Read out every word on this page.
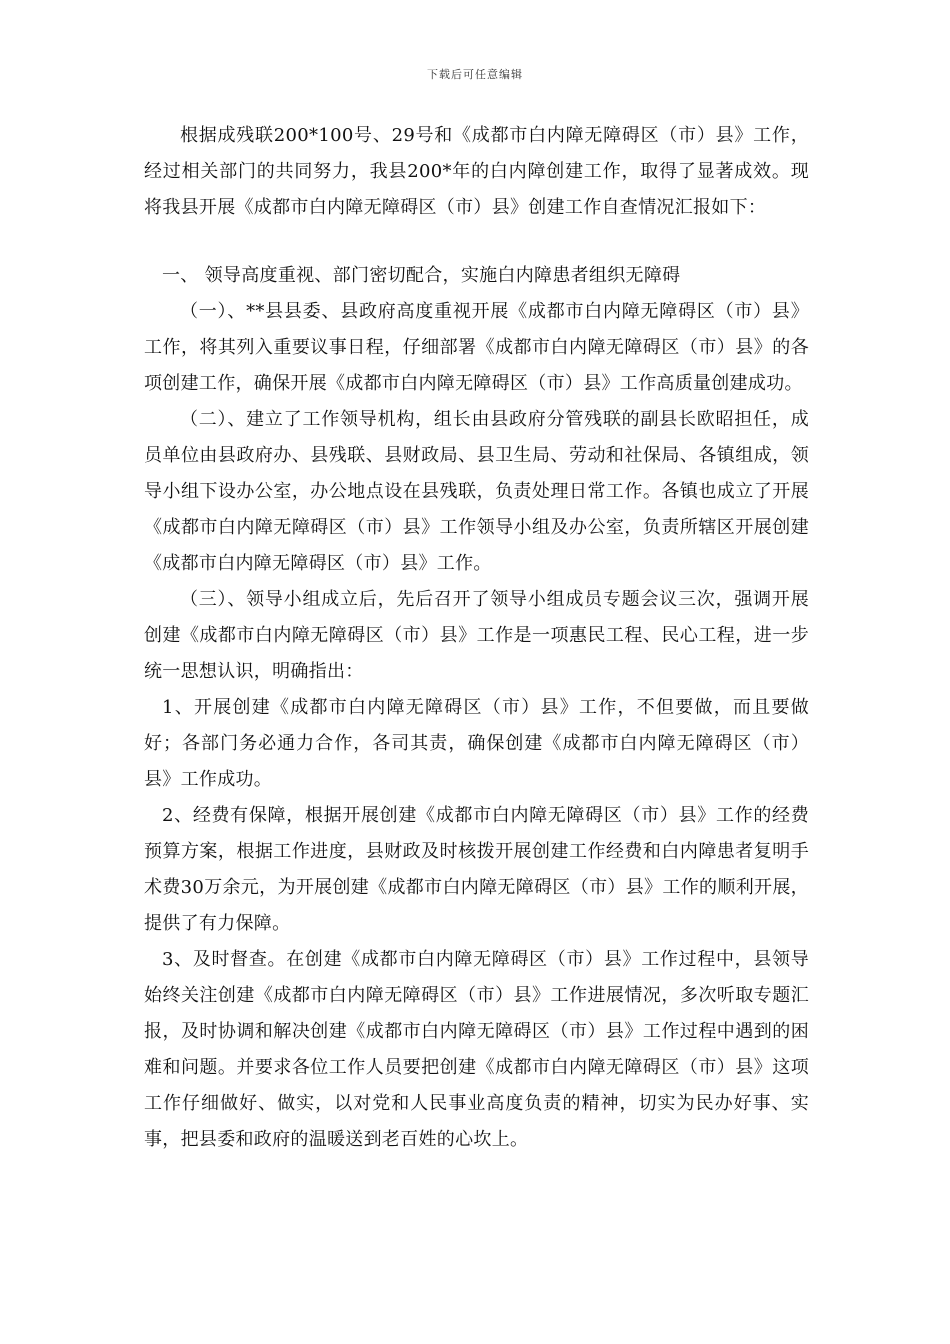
下载后可任意编辑

根据成残联200*100号、29号和《成都市白内障无障碍区（市）县》工作，经过相关部门的共同努力，我县200*年的白内障创建工作，取得了显著成效。现将我县开展《成都市白内障无障碍区（市）县》创建工作自查情况汇报如下：

一、 领导高度重视、部门密切配合，实施白内障患者组织无障碍

（一）、**县县委、县政府高度重视开展《成都市白内障无障碍区（市）县》工作，将其列入重要议事日程，仔细部署《成都市白内障无障碍区（市）县》的各项创建工作，确保开展《成都市白内障无障碍区（市）县》工作高质量创建成功。

（二）、建立了工作领导机构，组长由县政府分管残联的副县长欧昭担任，成员单位由县政府办、县残联、县财政局、县卫生局、劳动和社保局、各镇组成，领导小组下设办公室，办公地点设在县残联，负责处理日常工作。各镇也成立了开展《成都市白内障无障碍区（市）县》工作领导小组及办公室，负责所辖区开展创建《成都市白内障无障碍区（市）县》工作。

（三）、领导小组成立后，先后召开了领导小组成员专题会议三次，强调开展创建《成都市白内障无障碍区（市）县》工作是一项惠民工程、民心工程，进一步统一思想认识，明确指出：

1、开展创建《成都市白内障无障碍区（市）县》工作，不但要做，而且要做好；各部门务必通力合作，各司其责，确保创建《成都市白内障无障碍区（市）县》工作成功。

2、经费有保障，根据开展创建《成都市白内障无障碍区（市）县》工作的经费预算方案，根据工作进度，县财政及时核拨开展创建工作经费和白内障患者复明手术费30万余元，为开展创建《成都市白内障无障碍区（市）县》工作的顺利开展，提供了有力保障。

3、及时督查。在创建《成都市白内障无障碍区（市）县》工作过程中，县领导始终关注创建《成都市白内障无障碍区（市）县》工作进展情况，多次听取专题汇报，及时协调和解决创建《成都市白内障无障碍区（市）县》工作过程中遇到的困难和问题。并要求各位工作人员要把创建《成都市白内障无障碍区（市）县》这项工作仔细做好、做实，以对党和人民事业高度负责的精神，切实为民办好事、实事，把县委和政府的温暖送到老百姓的心坎上。
